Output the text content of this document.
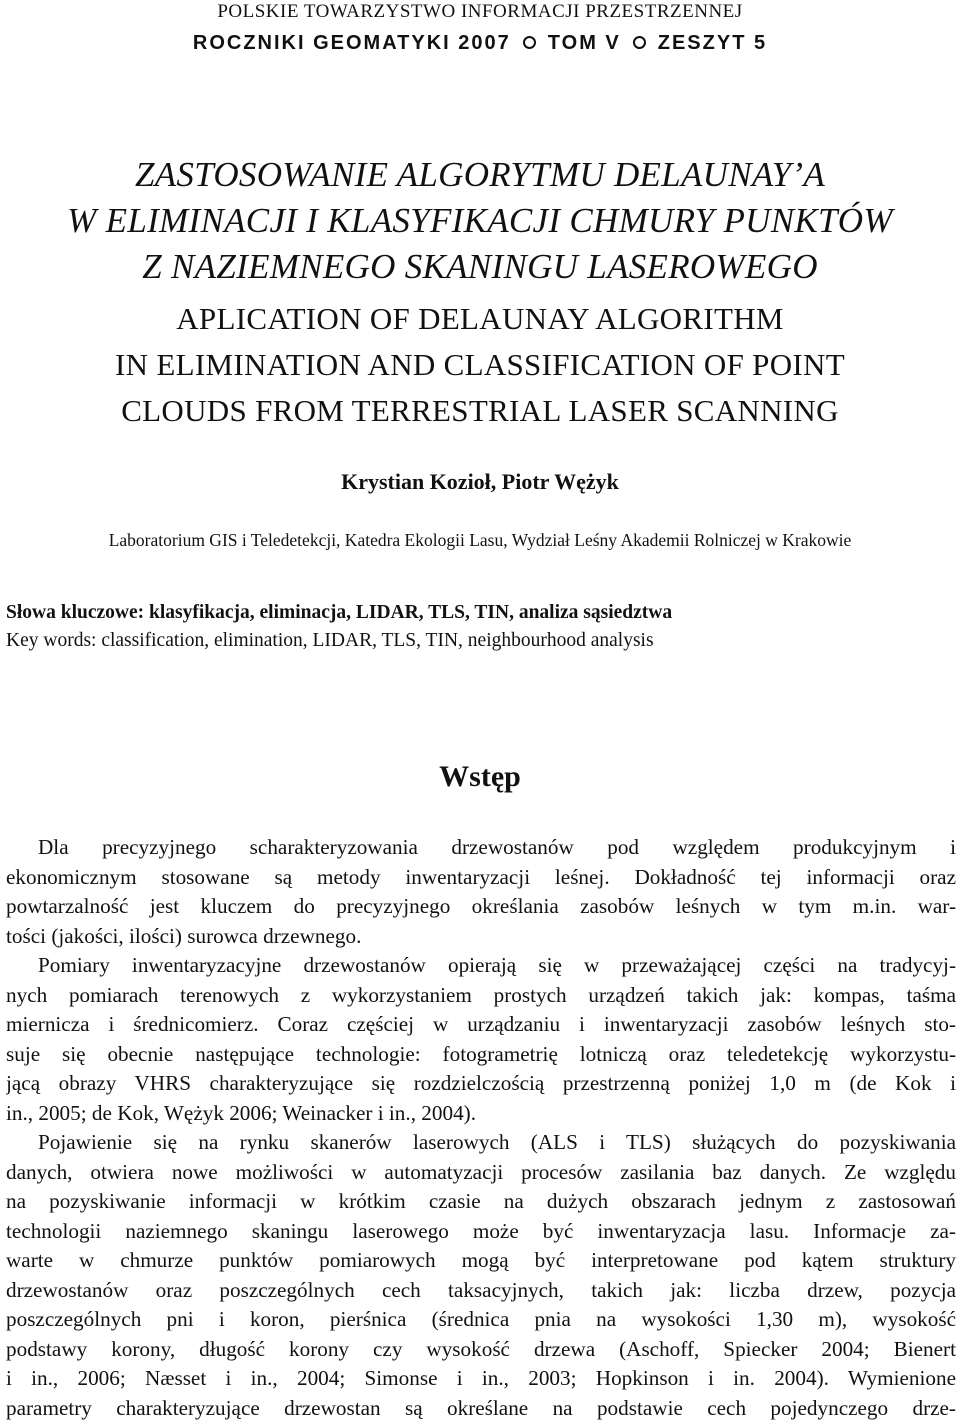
POLSKIE TOWARZYSTWO INFORMACJI PRZESTRZENNEJ
ROCZNIKI GEOMATYKI 2007 TOM V ZESZYT 5
ZASTOSOWANIE ALGORYTMU DELAUNAY’A
W ELIMINACJI I KLASYFIKACJI CHMURY PUNKTÓW
Z NAZIEMNEGO SKANINGU LASEROWEGO
APLICATION OF DELAUNAY ALGORITHM
IN ELIMINATION AND CLASSIFICATION OF POINT
CLOUDS FROM TERRESTRIAL LASER SCANNING
Krystian Kozioł, Piotr Wężyk
Laboratorium GIS i Teledetekcji, Katedra Ekologii Lasu, Wydział Leśny Akademii Rolniczej w Krakowie
Słowa kluczowe: klasyfikacja, eliminacja, LIDAR, TLS, TIN, analiza sąsiedztwa
Key words: classification, elimination, LIDAR, TLS, TIN, neighbourhood analysis
Wstęp
Dla precyzyjnego scharakteryzowania drzewostanów pod względem produkcyjnym i
ekonomicznym stosowane są metody inwentaryzacji leśnej. Dokładność tej informacji oraz
powtarzalność jest kluczem do precyzyjnego określania zasobów leśnych w tym m.in. war-
tości (jakości, ilości) surowca drzewnego.
Pomiary inwentaryzacyjne drzewostanów opierają się w przeważającej części na tradycyj-
nych pomiarach terenowych z wykorzystaniem prostych urządzeń takich jak: kompas, taśma
miernicza i średnicomierz. Coraz częściej w urządzaniu i inwentaryzacji zasobów leśnych sto-
suje się obecnie następujące technologie: fotogrametrię lotniczą oraz teledetekcję wykorzystu-
jącą obrazy VHRS charakteryzujące się rozdzielczością przestrzenną poniżej 1,0 m (de Kok i
in., 2005; de Kok, Wężyk 2006; Weinacker i in., 2004).
Pojawienie się na rynku skanerów laserowych (ALS i TLS) służących do pozyskiwania
danych, otwiera nowe możliwości w automatyzacji procesów zasilania baz danych. Ze względu
na pozyskiwanie informacji w krótkim czasie na dużych obszarach jednym z zastosowań
technologii naziemnego skaningu laserowego może być inwentaryzacja lasu. Informacje za-
warte w chmurze punktów pomiarowych mogą być interpretowane pod kątem struktury
drzewostanów oraz poszczególnych cech taksacyjnych, takich jak: liczba drzew, pozycja
poszczególnych pni i koron, pierśnica (średnica pnia na wysokości 1,30 m), wysokość
podstawy korony, długość korony czy wysokość drzewa (Aschoff, Spiecker 2004; Bienert
i in., 2006; Næsset i in., 2004; Simonse i in., 2003; Hopkinson i in. 2004). Wymienione
parametry charakteryzujące drzewostan są określane na podstawie cech pojedynczego drze-
